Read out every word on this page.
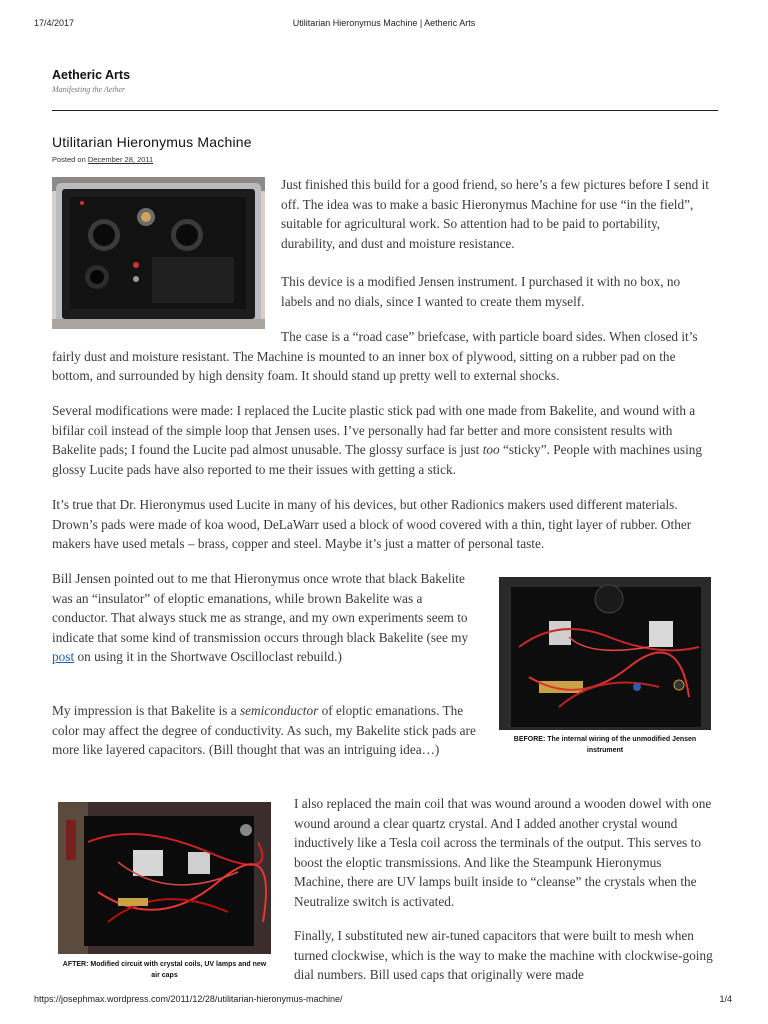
17/4/2017	Utilitarian Hieronymus Machine | Aetheric Arts
Aetheric Arts
Manifesting the Aether
Utilitarian Hieronymus Machine
Posted on December 28, 2011

Just finished this build for a good friend, so here’s a few pictures before I send it off. The idea was to make a basic Hieronymus Machine for use “in the field”, suitable for agricultural work. So attention had to be paid to portability, durability, and dust and moisture resistance.

This device is a modified Jensen instrument. I purchased it with no box, no labels and no dials, since I wanted to create them myself.

The case is a “road case” briefcase, with particle board sides. When closed it’s fairly dust and moisture resistant. The Machine is mounted to an inner box of plywood, sitting on a rubber pad on the bottom, and surrounded by high density foam. It should stand up pretty well to external shocks.

Several modifications were made: I replaced the Lucite plastic stick pad with one made from Bakelite, and wound with a bifilar coil instead of the simple loop that Jensen uses. I’ve personally had far better and more consistent results with Bakelite pads; I found the Lucite pad almost unusable. The glossy surface is just too “sticky”. People with machines using glossy Lucite pads have also reported to me their issues with getting a stick.

It’s true that Dr. Hieronymus used Lucite in many of his devices, but other Radionics makers used different materials. Drown’s pads were made of koa wood, DeLaWarr used a block of wood covered with a thin, tight layer of rubber. Other makers have used metals – brass, copper and steel. Maybe it’s just a matter of personal taste.

Bill Jensen pointed out to me that Hieronymus once wrote that black Bakelite was an “insulator” of eloptic emanations, while brown Bakelite was a conductor. That always stuck me as strange, and my own experiments seem to indicate that some kind of transmission occurs through black Bakelite (see my post on using it in the Shortwave Oscilloclast rebuild.)

My impression is that Bakelite is a semiconductor of eloptic emanations. The color may affect the degree of conductivity. As such, my Bakelite stick pads are more like layered capacitors. (Bill thought that was an intriguing idea…)

BEFORE: The internal wiring of the unmodified Jensen instrument
AFTER: Modified circuit with crystal coils, UV lamps and new air caps

I also replaced the main coil that was wound around a wooden dowel with one wound around a clear quartz crystal. And I added another crystal wound inductively like a Tesla coil across the terminals of the output. This serves to boost the eloptic transmissions. And like the Steampunk Hieronymus Machine, there are UV lamps built inside to “cleanse” the crystals when the Neutralize switch is activated.

Finally, I substituted new air-tuned capacitors that were built to mesh when turned clockwise, which is the way to make the machine with clockwise-going dial numbers. Bill used caps that originally were made

https://josephmax.wordpress.com/2011/12/28/utilitarian-hieronymus-machine/	1/4
